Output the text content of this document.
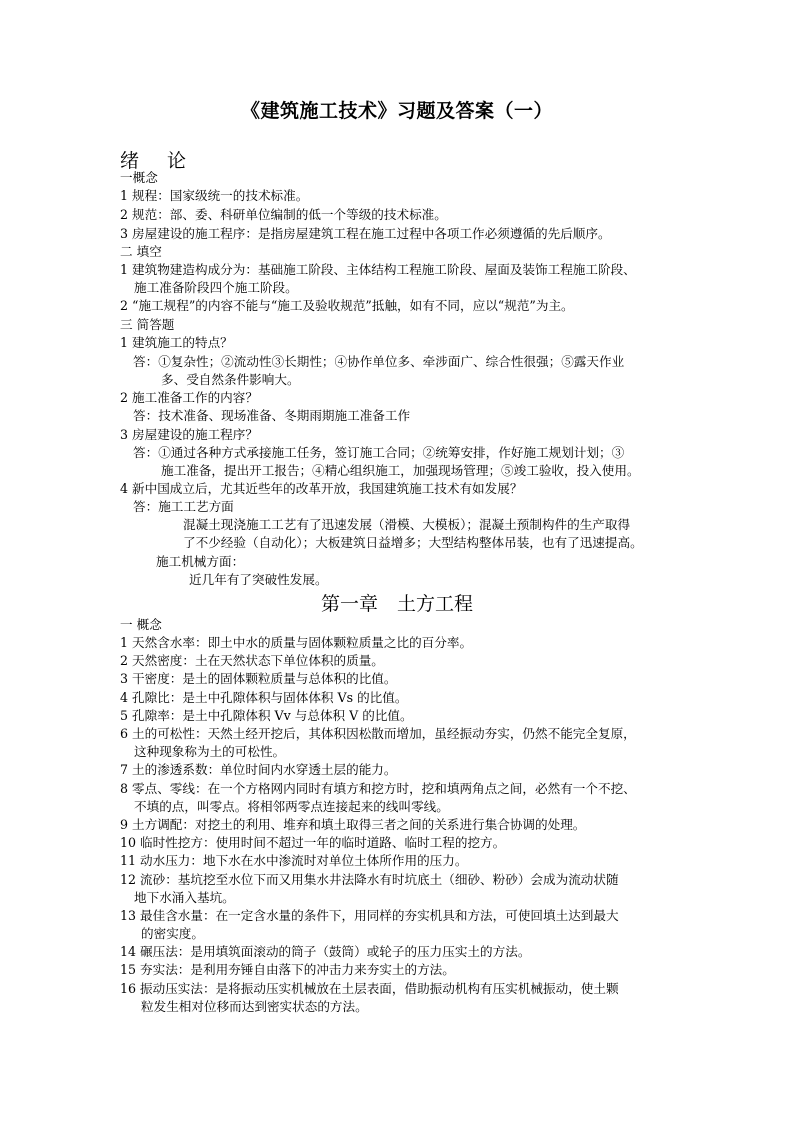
《建筑施工技术》习题及答案（一）
绪 论
一概念
1 规程：国家级统一的技术标准。
2 规范：部、委、科研单位编制的低一个等级的技术标准。
3 房屋建设的施工程序：是指房屋建筑工程在施工过程中各项工作必须遵循的先后顺序。
二 填空
1 建筑物建造构成分为：基础施工阶段、主体结构工程施工阶段、屋面及装饰工程施工阶段、
施工准备阶段四个施工阶段。
2 “施工规程”的内容不能与“施工及验收规范”抵触，如有不同，应以“规范”为主。
三 简答题
1 建筑施工的特点？
答：①复杂性；②流动性③长期性；④协作单位多、牵涉面广、综合性很强；⑤露天作业
多、受自然条件影响大。
2 施工准备工作的内容？
答：技术准备、现场准备、冬期雨期施工准备工作
3 房屋建设的施工程序？
答：①通过各种方式承接施工任务，签订施工合同；②统筹安排，作好施工规划计划；③
施工准备，提出开工报告；④精心组织施工，加强现场管理；⑤竣工验收，投入使用。
4 新中国成立后，尤其近些年的改革开放，我国建筑施工技术有如发展？
答：施工工艺方面
混凝土现浇施工工艺有了迅速发展（滑模、大模板）；混凝土预制构件的生产取得
了不少经验（自动化）；大板建筑日益增多；大型结构整体吊装，也有了迅速提高。
施工机械方面：
近几年有了突破性发展。
第一章　土方工程
一 概念
1 天然含水率：即土中水的质量与固体颗粒质量之比的百分率。
2 天然密度：土在天然状态下单位体积的质量。
3 干密度：是土的固体颗粒质量与总体积的比值。
4 孔隙比：是土中孔隙体积与固体体积 Vs 的比值。
5 孔隙率：是土中孔隙体积 Vv 与总体积 V 的比值。
6 土的可松性：天然土经开挖后，其体积因松散而增加，虽经振动夯实，仍然不能完全复原，
这种现象称为土的可松性。
7 土的渗透系数：单位时间内水穿透土层的能力。
8 零点、零线：在一个方格网内同时有填方和挖方时，挖和填两角点之间，必然有一个不挖、
不填的点，叫零点。将相邻两零点连接起来的线叫零线。
9 土方调配：对挖土的利用、堆弃和填土取得三者之间的关系进行集合协调的处理。
10 临时性挖方：使用时间不超过一年的临时道路、临时工程的挖方。
11 动水压力：地下水在水中渗流时对单位土体所作用的压力。
12 流砂：基坑挖至水位下而又用集水井法降水有时坑底土（细砂、粉砂）会成为流动状随
地下水涌入基坑。
13 最佳含水量：在一定含水量的条件下，用同样的夯实机具和方法，可使回填土达到最大
的密实度。
14 碾压法：是用填筑面滚动的筒子（鼓筒）或轮子的压力压实土的方法。
15 夯实法：是利用夯锤自由落下的冲击力来夯实土的方法。
16 振动压实法：是将振动压实机械放在土层表面，借助振动机构有压实机械振动，使土颗
粒发生相对位移而达到密实状态的方法。
